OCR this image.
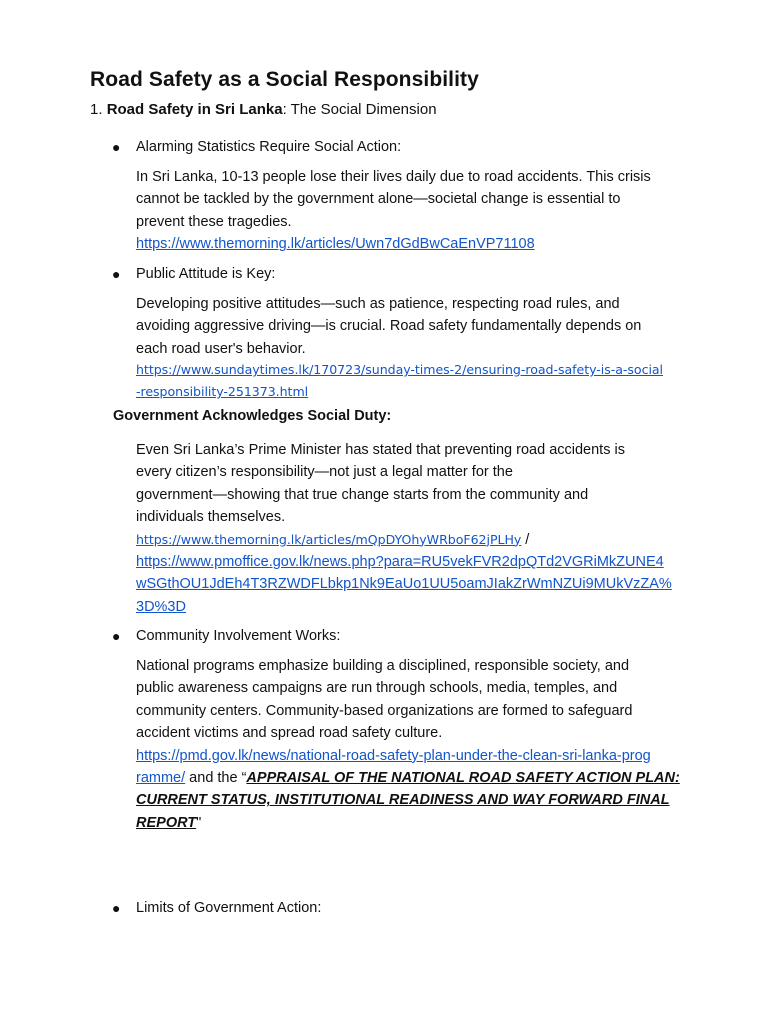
Road Safety as a Social Responsibility
1. Road Safety in Sri Lanka: The Social Dimension
● Alarming Statistics Require Social Action:
In Sri Lanka, 10-13 people lose their lives daily due to road accidents. This crisis
cannot be tackled by the government alone—societal change is essential to
prevent these tragedies.
https://www.themorning.lk/articles/Uwn7dGdBwCaEnVP71108
● Public Attitude is Key:
Developing positive attitudes—such as patience, respecting road rules, and
avoiding aggressive driving—is crucial. Road safety fundamentally depends on
each road user's behavior.
https://www.sundaytimes.lk/170723/sunday-times-2/ensuring-road-safety-is-a-social
-responsibility-251373.html
Government Acknowledges Social Duty:
Even Sri Lanka’s Prime Minister has stated that preventing road accidents is
every citizen’s responsibility—not just a legal matter for the
government—showing that true change starts from the community and
individuals themselves.
https://www.themorning.lk/articles/mQpDYOhyWRboF62jPLHy /
https://www.pmoffice.gov.lk/news.php?para=RU5vekFVR2dpQTd2VGRiMkZUNE4
wSGthOU1JdEh4T3RZWDFLbkp1Nk9EaUo1UU5oamJIakZrWmNZUi9MUkVzZA%
3D%3D
● Community Involvement Works:
National programs emphasize building a disciplined, responsible society, and
public awareness campaigns are run through schools, media, temples, and
community centers. Community-based organizations are formed to safeguard
accident victims and spread road safety culture.
https://pmd.gov.lk/news/national-road-safety-plan-under-the-clean-sri-lanka-prog
ramme/ and the “APPRAISAL OF THE NATIONAL ROAD SAFETY ACTION PLAN:
CURRENT STATUS, INSTITUTIONAL READINESS AND WAY FORWARD FINAL
REPORT"
● Limits of Government Action:
